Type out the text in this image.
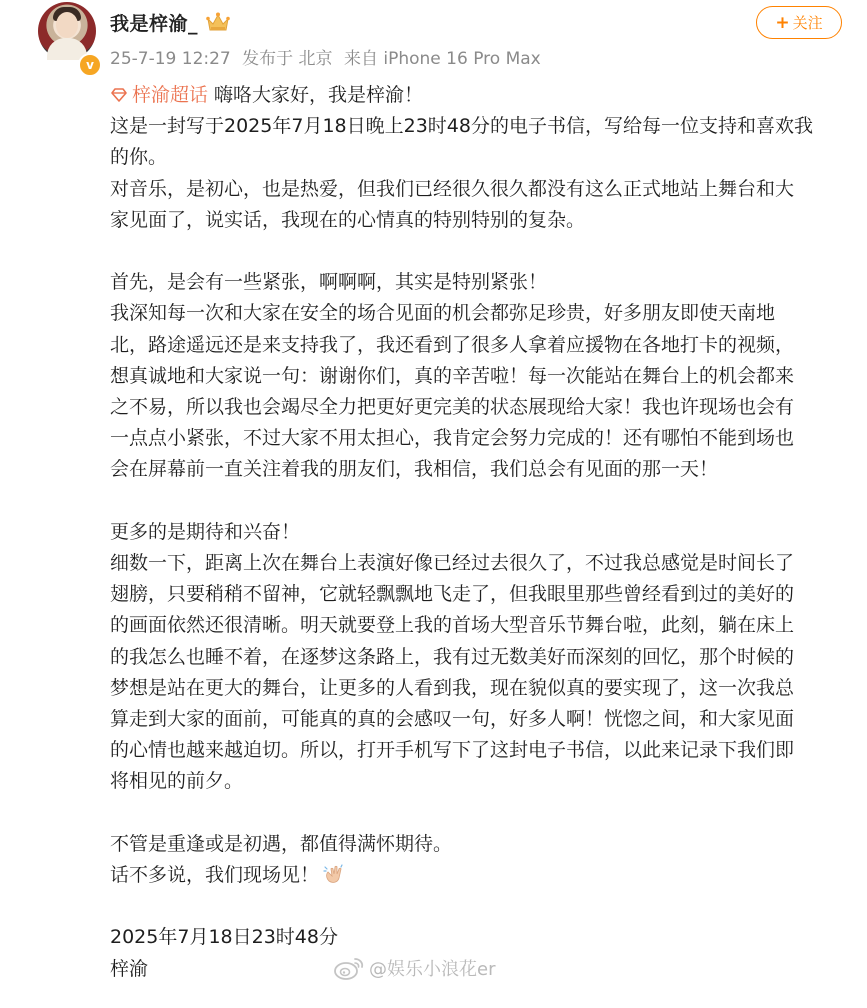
v
我是梓渝_
25-7-19 12:27 发布于 北京 来自 iPhone 16 Pro Max
+ 关注

梓渝超话 嗨咯大家好，我是梓渝！

这是一封写于2025年7月18日晚上23时48分的电子书信，写给每一位支持和喜欢我

的你。

对音乐，是初心，也是热爱，但我们已经很久很久都没有这么正式地站上舞台和大

家见面了，说实话，我现在的心情真的特别特别的复杂。

首先，是会有一些紧张，啊啊啊，其实是特别紧张！

我深知每一次和大家在安全的场合见面的机会都弥足珍贵，好多朋友即使天南地

北，路途遥远还是来支持我了，我还看到了很多人拿着应援物在各地打卡的视频，

想真诚地和大家说一句：谢谢你们，真的辛苦啦！每一次能站在舞台上的机会都来

之不易，所以我也会竭尽全力把更好更完美的状态展现给大家！我也许现场也会有

一点点小紧张，不过大家不用太担心，我肯定会努力完成的！还有哪怕不能到场也

会在屏幕前一直关注着我的朋友们，我相信，我们总会有见面的那一天！

更多的是期待和兴奋！

细数一下，距离上次在舞台上表演好像已经过去很久了，不过我总感觉是时间长了

翅膀，只要稍稍不留神，它就轻飘飘地飞走了，但我眼里那些曾经看到过的美好的

的画面依然还很清晰。明天就要登上我的首场大型音乐节舞台啦，此刻，躺在床上

的我怎么也睡不着，在逐梦这条路上，我有过无数美好而深刻的回忆，那个时候的

梦想是站在更大的舞台，让更多的人看到我，现在貌似真的要实现了，这一次我总

算走到大家的面前，可能真的真的会感叹一句，好多人啊！恍惚之间，和大家见面

的心情也越来越迫切。所以，打开手机写下了这封电子书信，以此来记录下我们即

将相见的前夕。

不管是重逢或是初遇，都值得满怀期待。

话不多说，我们现场见！

2025年7月18日23时48分

梓渝	@娱乐小浪花er
